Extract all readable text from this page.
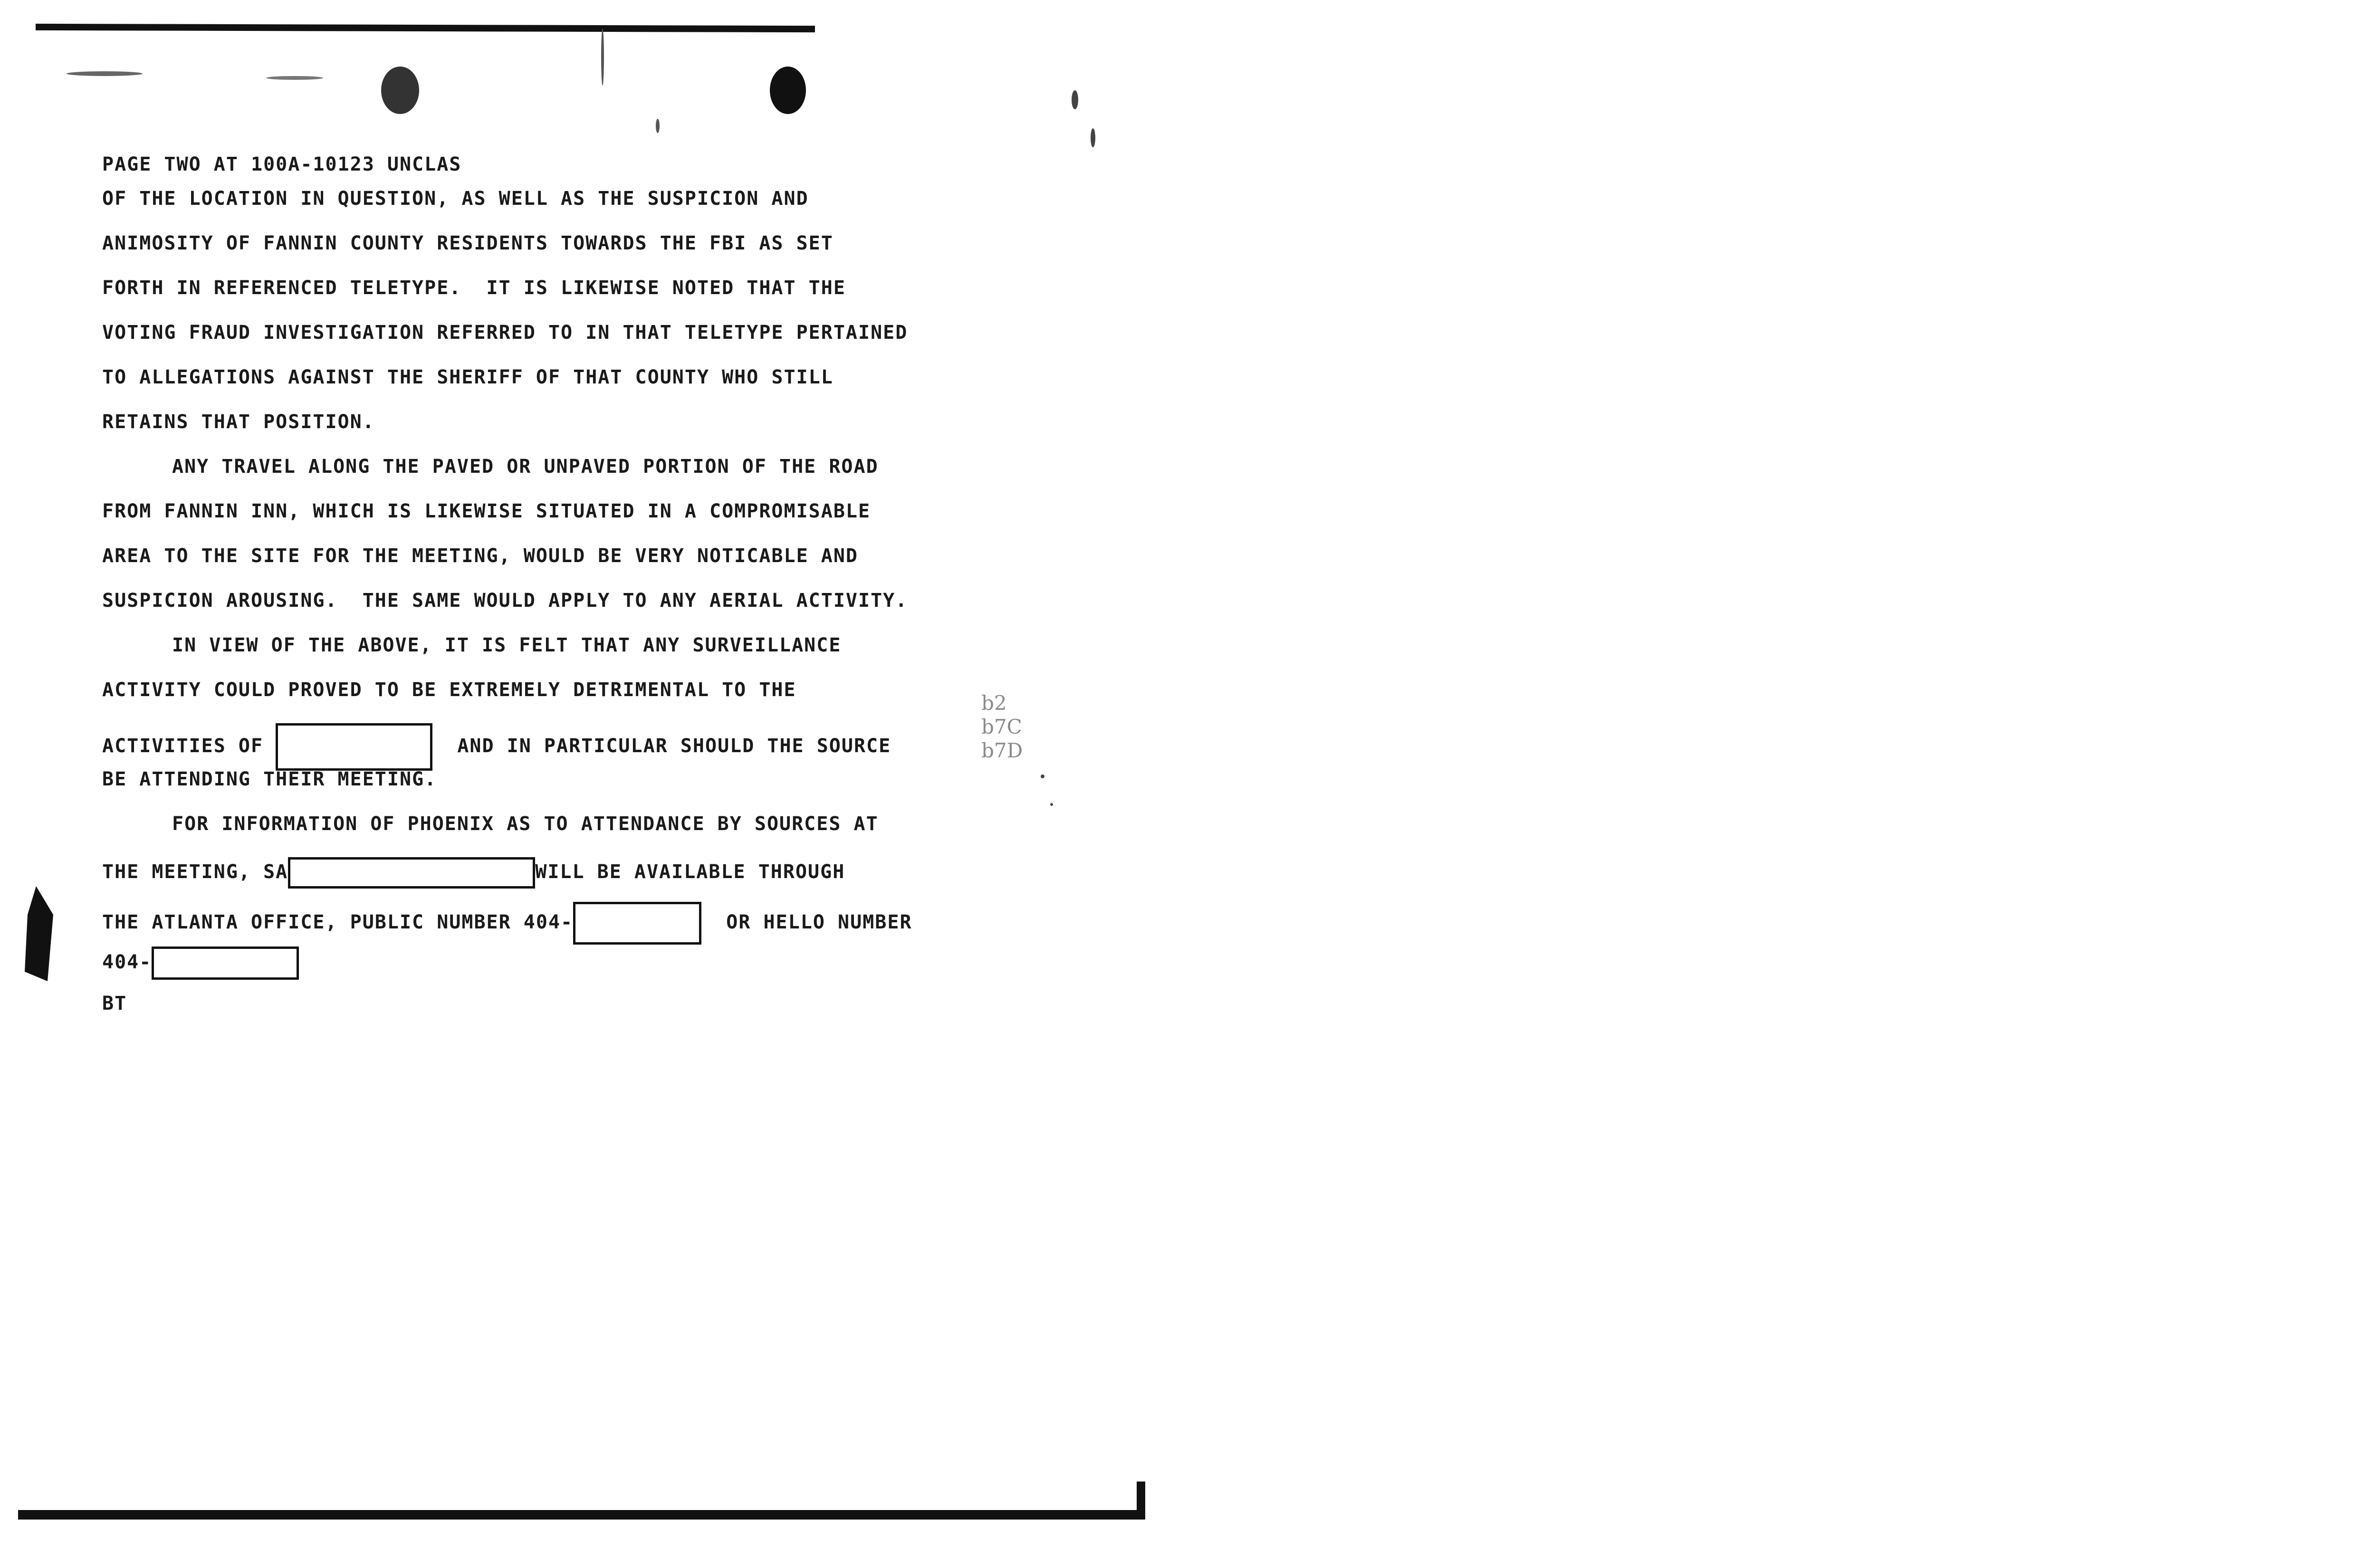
PAGE TWO AT 100A-10123 UNCLAS
OF THE LOCATION IN QUESTION, AS WELL AS THE SUSPICION AND
ANIMOSITY OF FANNIN COUNTY RESIDENTS TOWARDS THE FBI AS SET
FORTH IN REFERENCED TELETYPE.  IT IS LIKEWISE NOTED THAT THE
VOTING FRAUD INVESTIGATION REFERRED TO IN THAT TELETYPE PERTAINED
TO ALLEGATIONS AGAINST THE SHERIFF OF THAT COUNTY WHO STILL
RETAINS THAT POSITION.
ANY TRAVEL ALONG THE PAVED OR UNPAVED PORTION OF THE ROAD
FROM FANNIN INN, WHICH IS LIKEWISE SITUATED IN A COMPROMISABLE
AREA TO THE SITE FOR THE MEETING, WOULD BE VERY NOTICABLE AND
SUSPICION AROUSING.  THE SAME WOULD APPLY TO ANY AERIAL ACTIVITY.
IN VIEW OF THE ABOVE, IT IS FELT THAT ANY SURVEILLANCE
ACTIVITY COULD PROVED TO BE EXTREMELY DETRIMENTAL TO THE
ACTIVITIES OF	AND IN PARTICULAR SHOULD THE SOURCE
BE ATTENDING THEIR MEETING.
FOR INFORMATION OF PHOENIX AS TO ATTENDANCE BY SOURCES AT
THE MEETING, SA	WILL BE AVAILABLE THROUGH
THE ATLANTA OFFICE, PUBLIC NUMBER 404-	OR HELLO NUMBER
404-
BT
b2
b7C
b7D
